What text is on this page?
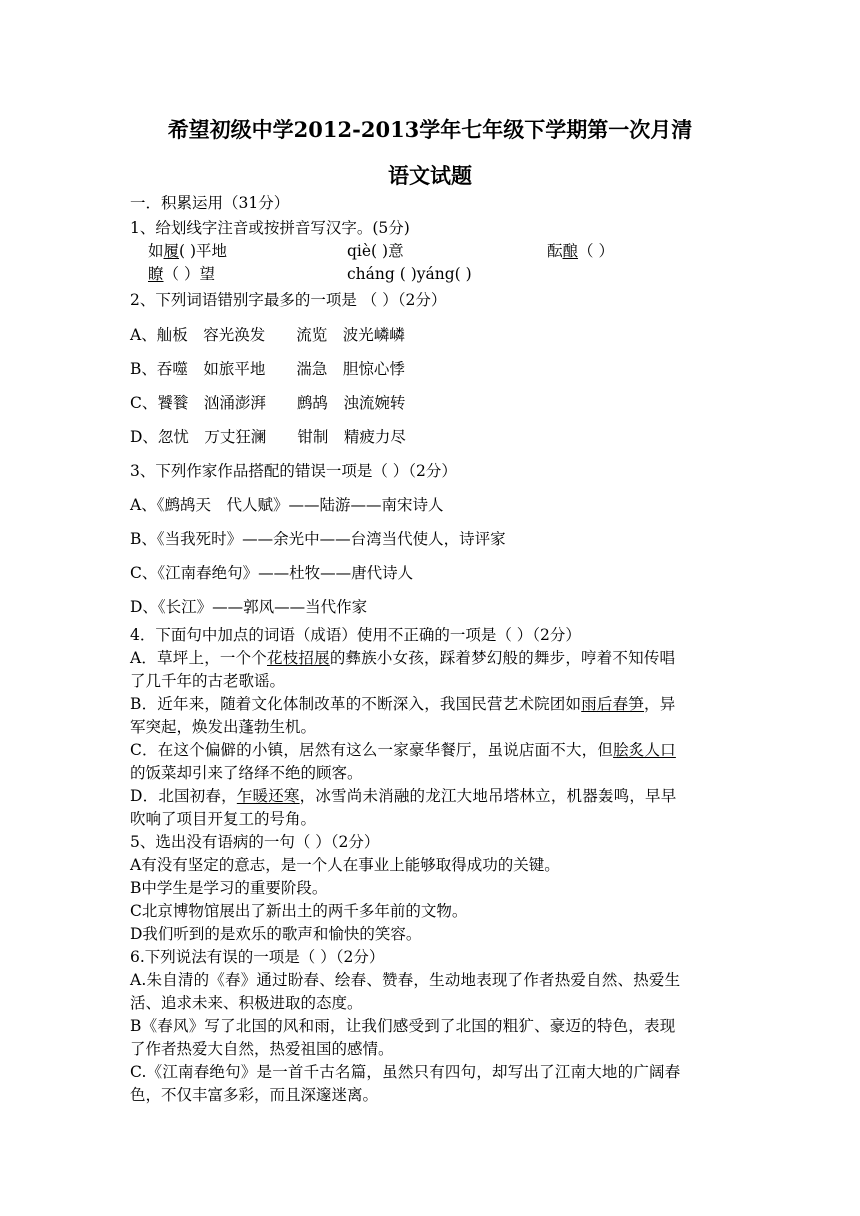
希望初级中学2012-2013学年七年级下学期第一次月清
语文试题
一．积累运用（31分）
1、给划线字注音或按拼音写汉字。(5分)
如履( )平地	qiè( )意	酝酿（ ）
瞭（ ）望	cháng ( )yáng( )
2、下列词语错别字最多的一项是 （ ）（2分）
A、舢板　容光涣发　　流览　波光嶙嶙
B、吞噬　如旅平地　　湍急　胆惊心悸
C、饕餮　汹涌澎湃　　鹧鸪　浊流婉转
D、忽忧　万丈狂澜　　钳制　精疲力尽
3、下列作家作品搭配的错误一项是（ ）（2分）
A、《鹧鸪天　代人赋》——陆游——南宋诗人
B、《当我死时》——余光中——台湾当代使人，诗评家
C、《江南春绝句》——杜牧——唐代诗人
D、《长江》——郭风——当代作家
4．下面句中加点的词语（成语）使用不正确的一项是（ ）（2分）
A．草坪上，一个个花枝招展的彝族小女孩，踩着梦幻般的舞步，哼着不知传唱
了几千年的古老歌谣。
B．近年来，随着文化体制改革的不断深入，我国民营艺术院团如雨后春笋，异
军突起，焕发出蓬勃生机。
C．在这个偏僻的小镇，居然有这么一家豪华餐厅，虽说店面不大，但脍炙人口
的饭菜却引来了络绎不绝的顾客。
D．北国初春，乍暖还寒，冰雪尚未消融的龙江大地吊塔林立，机器轰鸣，早早
吹响了项目开复工的号角。
5、选出没有语病的一句（ ）（2分）
A有没有坚定的意志，是一个人在事业上能够取得成功的关键。
B中学生是学习的重要阶段。
C北京博物馆展出了新出土的两千多年前的文物。
D我们听到的是欢乐的歌声和愉快的笑容。
6.下列说法有误的一项是（ ）（2分）
A.朱自清的《春》通过盼春、绘春、赞春，生动地表现了作者热爱自然、热爱生
活、追求未来、积极进取的态度。
B《春风》写了北国的风和雨，让我们感受到了北国的粗犷、豪迈的特色，表现
了作者热爱大自然，热爱祖国的感情。
C.《江南春绝句》是一首千古名篇，虽然只有四句，却写出了江南大地的广阔春
色，不仅丰富多彩，而且深邃迷离。
